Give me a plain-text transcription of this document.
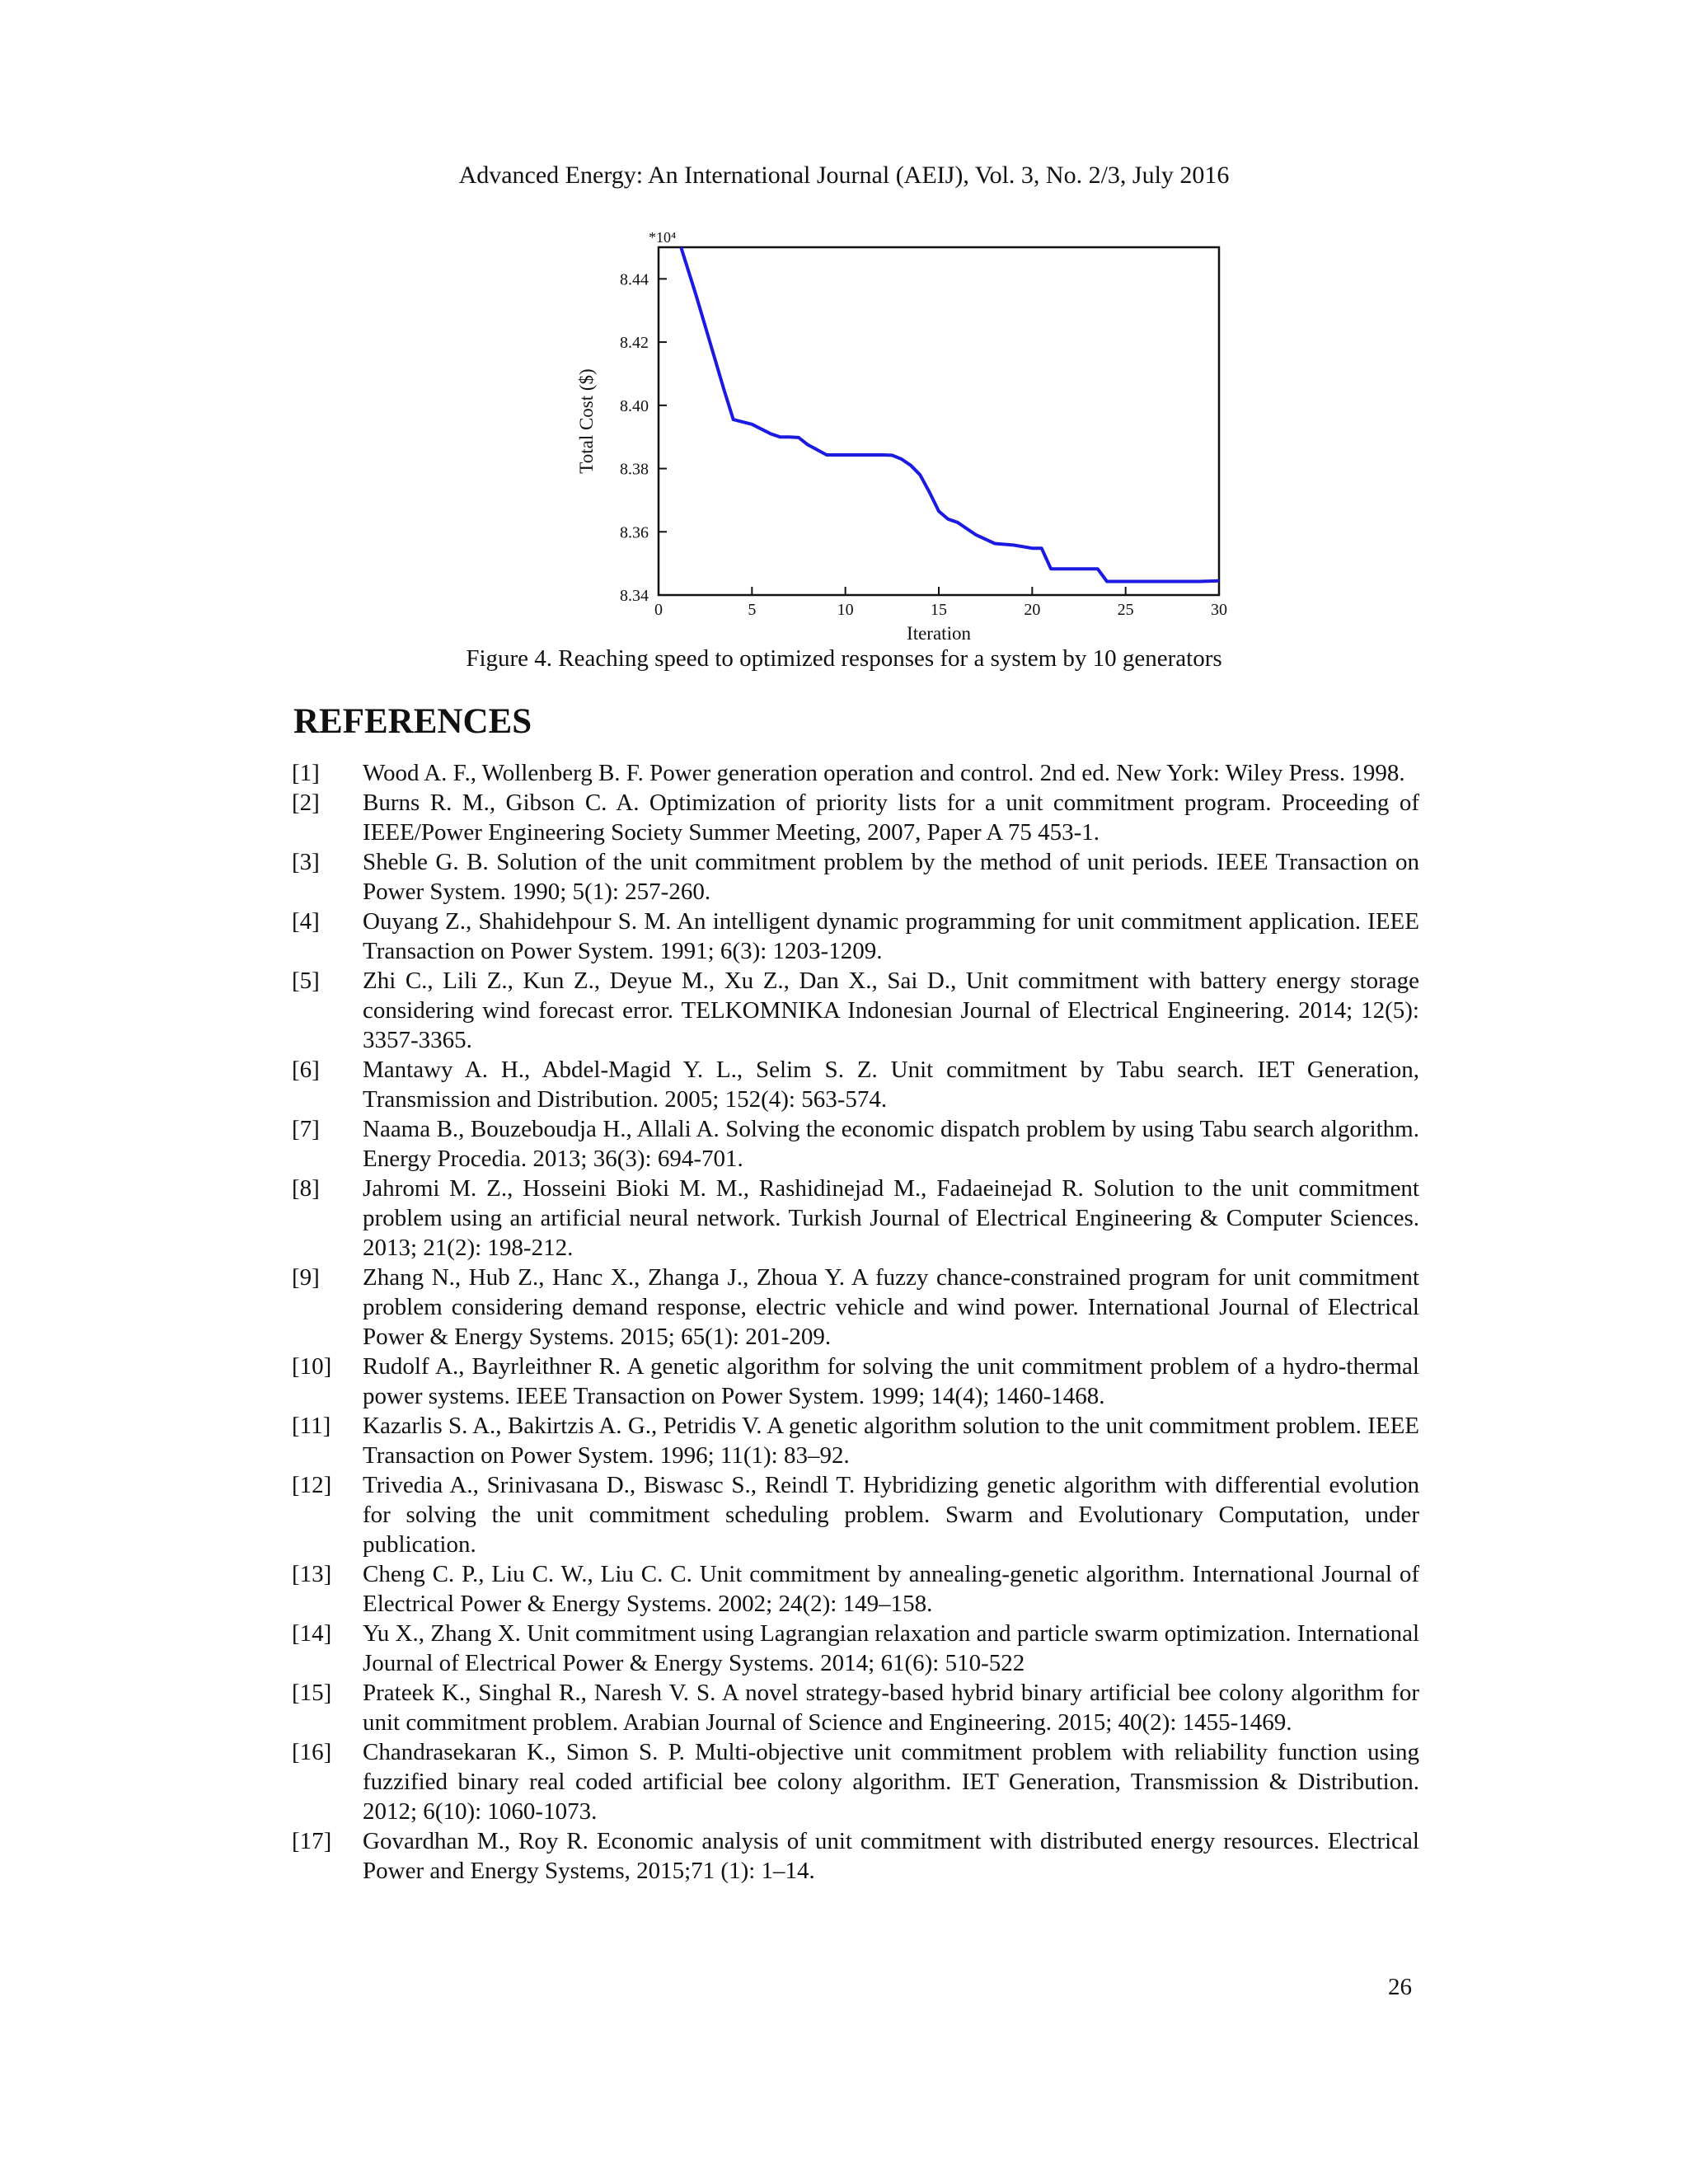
Advanced Energy: An International Journal (AEIJ), Vol. 3, No. 2/3, July 2016
8.34
8.36
8.38
8.40
8.42
8.44
0	5	10	15	20	25	30
*10⁴
Iteration
Total Cost ($)
Figure 4. Reaching speed to optimized responses for a system by 10 generators
REFERENCES
[1] Wood A. F., Wollenberg B. F. Power generation operation and control. 2nd ed. New York: Wiley Press. 1998.
[2] Burns R. M., Gibson C. A. Optimization of priority lists for a unit commitment program. Proceeding of IEEE/Power Engineering Society Summer Meeting, 2007, Paper A 75 453-1.
[3] Sheble G. B. Solution of the unit commitment problem by the method of unit periods. IEEE Transaction on Power System. 1990; 5(1): 257-260.
[4] Ouyang Z., Shahidehpour S. M. An intelligent dynamic programming for unit commitment application. IEEE Transaction on Power System. 1991; 6(3): 1203-1209.
[5] Zhi C., Lili Z., Kun Z., Deyue M., Xu Z., Dan X., Sai D., Unit commitment with battery energy storage considering wind forecast error. TELKOMNIKA Indonesian Journal of Electrical Engineering. 2014; 12(5): 3357-3365.
[6] Mantawy A. H., Abdel-Magid Y. L., Selim S. Z. Unit commitment by Tabu search. IET Generation, Transmission and Distribution. 2005; 152(4): 563-574.
[7] Naama B., Bouzeboudja H., Allali A. Solving the economic dispatch problem by using Tabu search algorithm. Energy Procedia. 2013; 36(3): 694-701.
[8] Jahromi M. Z., Hosseini Bioki M. M., Rashidinejad M., Fadaeinejad R. Solution to the unit commitment problem using an artificial neural network. Turkish Journal of Electrical Engineering & Computer Sciences. 2013; 21(2): 198-212.
[9] Zhang N., Hub Z., Hanc X., Zhanga J., Zhoua Y. A fuzzy chance-constrained program for unit commitment problem considering demand response, electric vehicle and wind power. International Journal of Electrical Power & Energy Systems. 2015; 65(1): 201-209.
[10] Rudolf A., Bayrleithner R. A genetic algorithm for solving the unit commitment problem of a hydro-thermal power systems. IEEE Transaction on Power System. 1999; 14(4); 1460-1468.
[11] Kazarlis S. A., Bakirtzis A. G., Petridis V. A genetic algorithm solution to the unit commitment problem. IEEE Transaction on Power System. 1996; 11(1): 83–92.
[12] Trivedia A., Srinivasana D., Biswasc S., Reindl T. Hybridizing genetic algorithm with differential evolution for solving the unit commitment scheduling problem. Swarm and Evolutionary Computation, under publication.
[13] Cheng C. P., Liu C. W., Liu C. C. Unit commitment by annealing-genetic algorithm. International Journal of Electrical Power & Energy Systems. 2002; 24(2): 149–158.
[14] Yu X., Zhang X. Unit commitment using Lagrangian relaxation and particle swarm optimization. International Journal of Electrical Power & Energy Systems. 2014; 61(6): 510-522
[15] Prateek K., Singhal R., Naresh V. S. A novel strategy-based hybrid binary artificial bee colony algorithm for unit commitment problem. Arabian Journal of Science and Engineering. 2015; 40(2): 1455-1469.
[16] Chandrasekaran K., Simon S. P. Multi-objective unit commitment problem with reliability function using fuzzified binary real coded artificial bee colony algorithm. IET Generation, Transmission & Distribution. 2012; 6(10): 1060-1073.
[17] Govardhan M., Roy R. Economic analysis of unit commitment with distributed energy resources. Electrical Power and Energy Systems, 2015;71 (1): 1–14.
26
